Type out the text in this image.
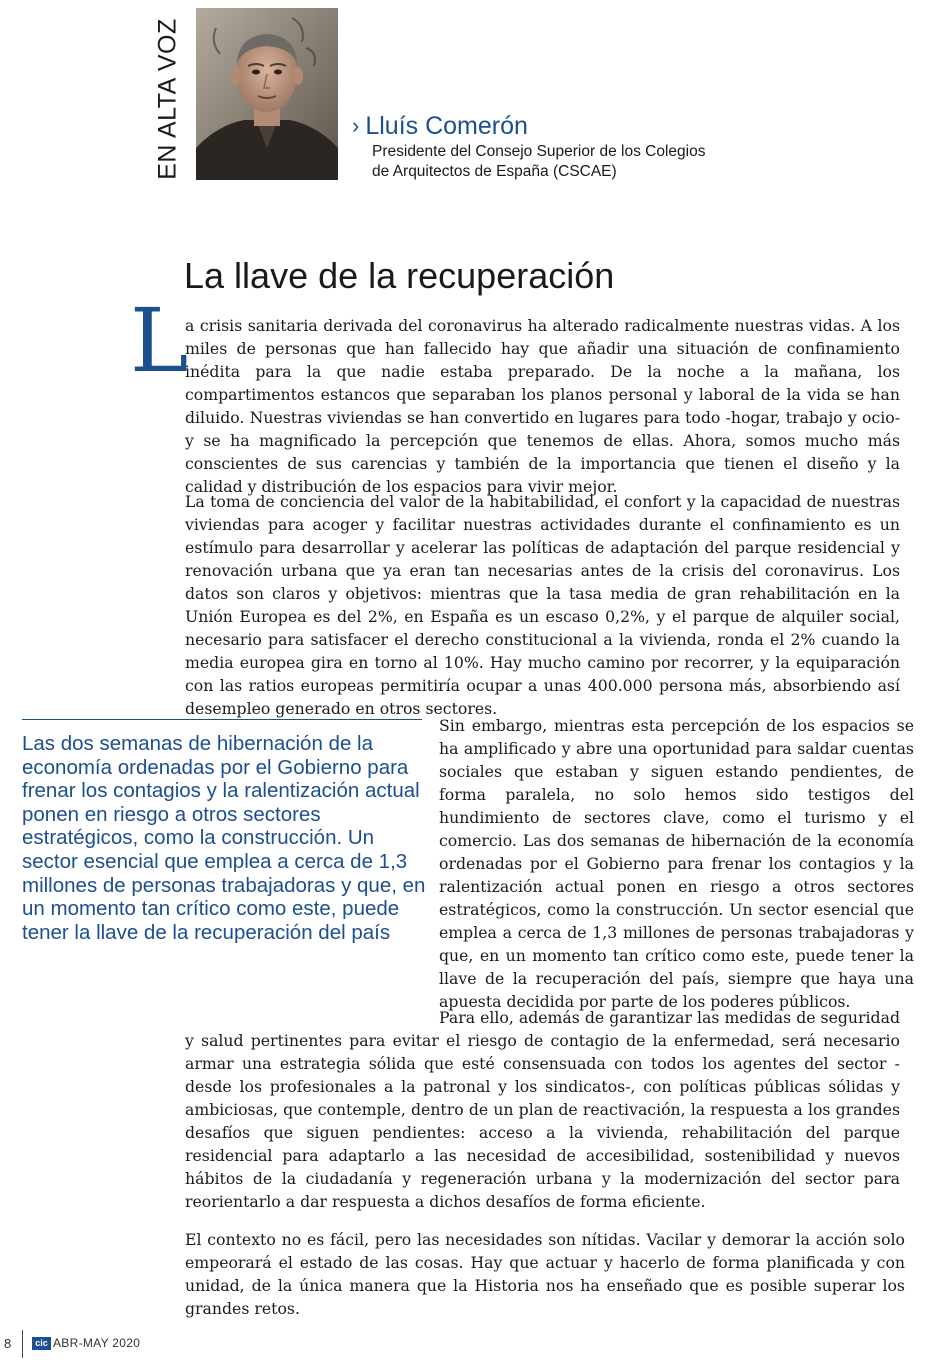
EN ALTA VOZ	› Lluís Comerón
Presidente del Consejo Superior de los Colegios
de Arquitectos de España (CSCAE)
La llave de la recuperación
L

a crisis sanitaria derivada del coronavirus ha alterado radicalmente nuestras vidas. A los miles de personas que han fallecido hay que añadir una situación de confinamiento inédita para la que nadie estaba preparado. De la noche a la mañana, los compartimentos estancos que separaban los planos personal y laboral de la vida se han diluido. Nuestras viviendas se han convertido en lugares para todo -hogar, trabajo y ocio- y se ha magnificado la percepción que tenemos de ellas. Ahora, somos mucho más conscientes de sus carencias y también de la importancia que tienen el diseño y la calidad y distribución de los espacios para vivir mejor.

La toma de conciencia del valor de la habitabilidad, el confort y la capacidad de nuestras viviendas para acoger y facilitar nuestras actividades durante el confinamiento es un estímulo para desarrollar y acelerar las políticas de adaptación del parque residencial y renovación urbana que ya eran tan necesarias antes de la crisis del coronavirus. Los datos son claros y objetivos: mientras que la tasa media de gran rehabilitación en la Unión Europea es del 2%, en España es un escaso 0,2%, y el parque de alquiler social, necesario para satisfacer el derecho constitucional a la vivienda, ronda el 2% cuando la media europea gira en torno al 10%. Hay mucho camino por recorrer, y la equiparación con las ratios europeas permitiría ocupar a unas 400.000 persona más, absorbiendo así desempleo generado en otros sectores.

Las dos semanas de hibernación de la economía ordenadas por el Gobierno para frenar los contagios y la ralentización actual ponen en riesgo a otros sectores estratégicos, como la construcción. Un sector esencial que emplea a cerca de 1,3 millones de personas trabajadoras y que, en un momento tan crítico como este, puede tener la llave de la recuperación del país

Sin embargo, mientras esta percepción de los espacios se ha amplificado y abre una oportunidad para saldar cuentas sociales que estaban y siguen estando pendientes, de forma paralela, no solo hemos sido testigos del hundimiento de sectores clave, como el turismo y el comercio. Las dos semanas de hibernación de la economía ordenadas por el Gobierno para frenar los contagios y la ralentización actual ponen en riesgo a otros sectores estratégicos, como la construcción. Un sector esencial que emplea a cerca de 1,3 millones de personas trabajadoras y que, en un momento tan crítico como este, puede tener la llave de la recuperación del país, siempre que haya una apuesta decidida por parte de los poderes públicos.

Para ello, además de garantizar las medidas de seguridad y salud pertinentes para evitar el riesgo de contagio de la enfermedad, será necesario armar una estrategia sólida que esté consensuada con todos los agentes del sector -desde los profesionales a la patronal y los sindicatos-, con políticas públicas sólidas y ambiciosas, que contemple, dentro de un plan de reactivación, la respuesta a los grandes desafíos que siguen pendientes: acceso a la vivienda, rehabilitación del parque residencial para adaptarlo a las necesidad de accesibilidad, sostenibilidad y nuevos hábitos de la ciudadanía y regeneración urbana y la modernización del sector para reorientarlo a dar respuesta a dichos desafíos de forma eficiente.

El contexto no es fácil, pero las necesidades son nítidas. Vacilar y demorar la acción solo empeorará el estado de las cosas. Hay que actuar y hacerlo de forma planificada y con unidad, de la única manera que la Historia nos ha enseñado que es posible superar los grandes retos.

8	cic ABR-MAY 2020
